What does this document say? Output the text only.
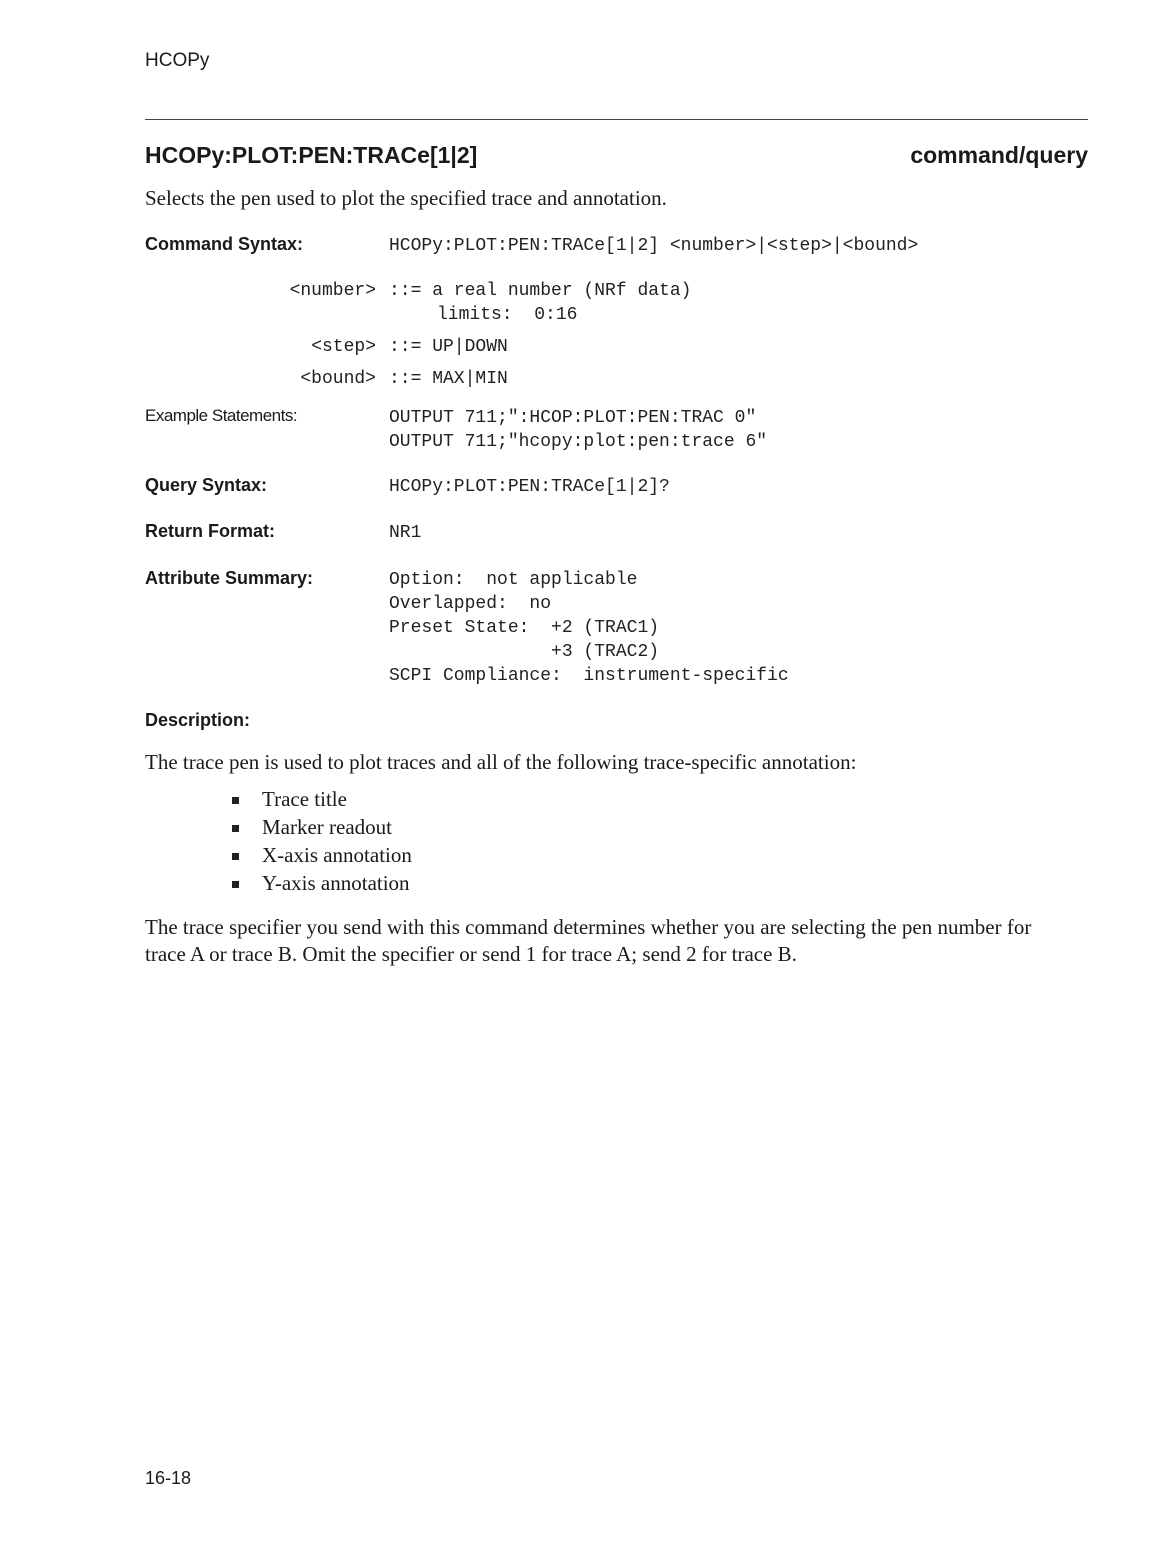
HCOPy
HCOPy:PLOT:PEN:TRACe[1|2]	command/query
Selects the pen used to plot the specified trace and annotation.
Command Syntax:	HCOPy:PLOT:PEN:TRACe[1|2] <number>|<step>|<bound>
<number> ::= a real number (NRf data)
limits:  0:16
<step> ::= UP|DOWN
<bound> ::= MAX|MIN
Example Statements:	OUTPUT 711;":HCOP:PLOT:PEN:TRAC 0"
OUTPUT 711;"hcopy:plot:pen:trace 6"
Query Syntax:	HCOPy:PLOT:PEN:TRACe[1|2]?
Return Format:	NR1
Attribute Summary:	Option:  not applicable
Overlapped:  no
Preset State:  +2 (TRAC1)
+3 (TRAC2)
SCPI Compliance:  instrument-specific
Description:
The trace pen is used to plot traces and all of the following trace-specific annotation:
Trace title
Marker readout
X-axis annotation
Y-axis annotation
The trace specifier you send with this command determines whether you are selecting the pen number for trace A or trace B. Omit the specifier or send 1 for trace A; send 2 for trace B.
16-18
